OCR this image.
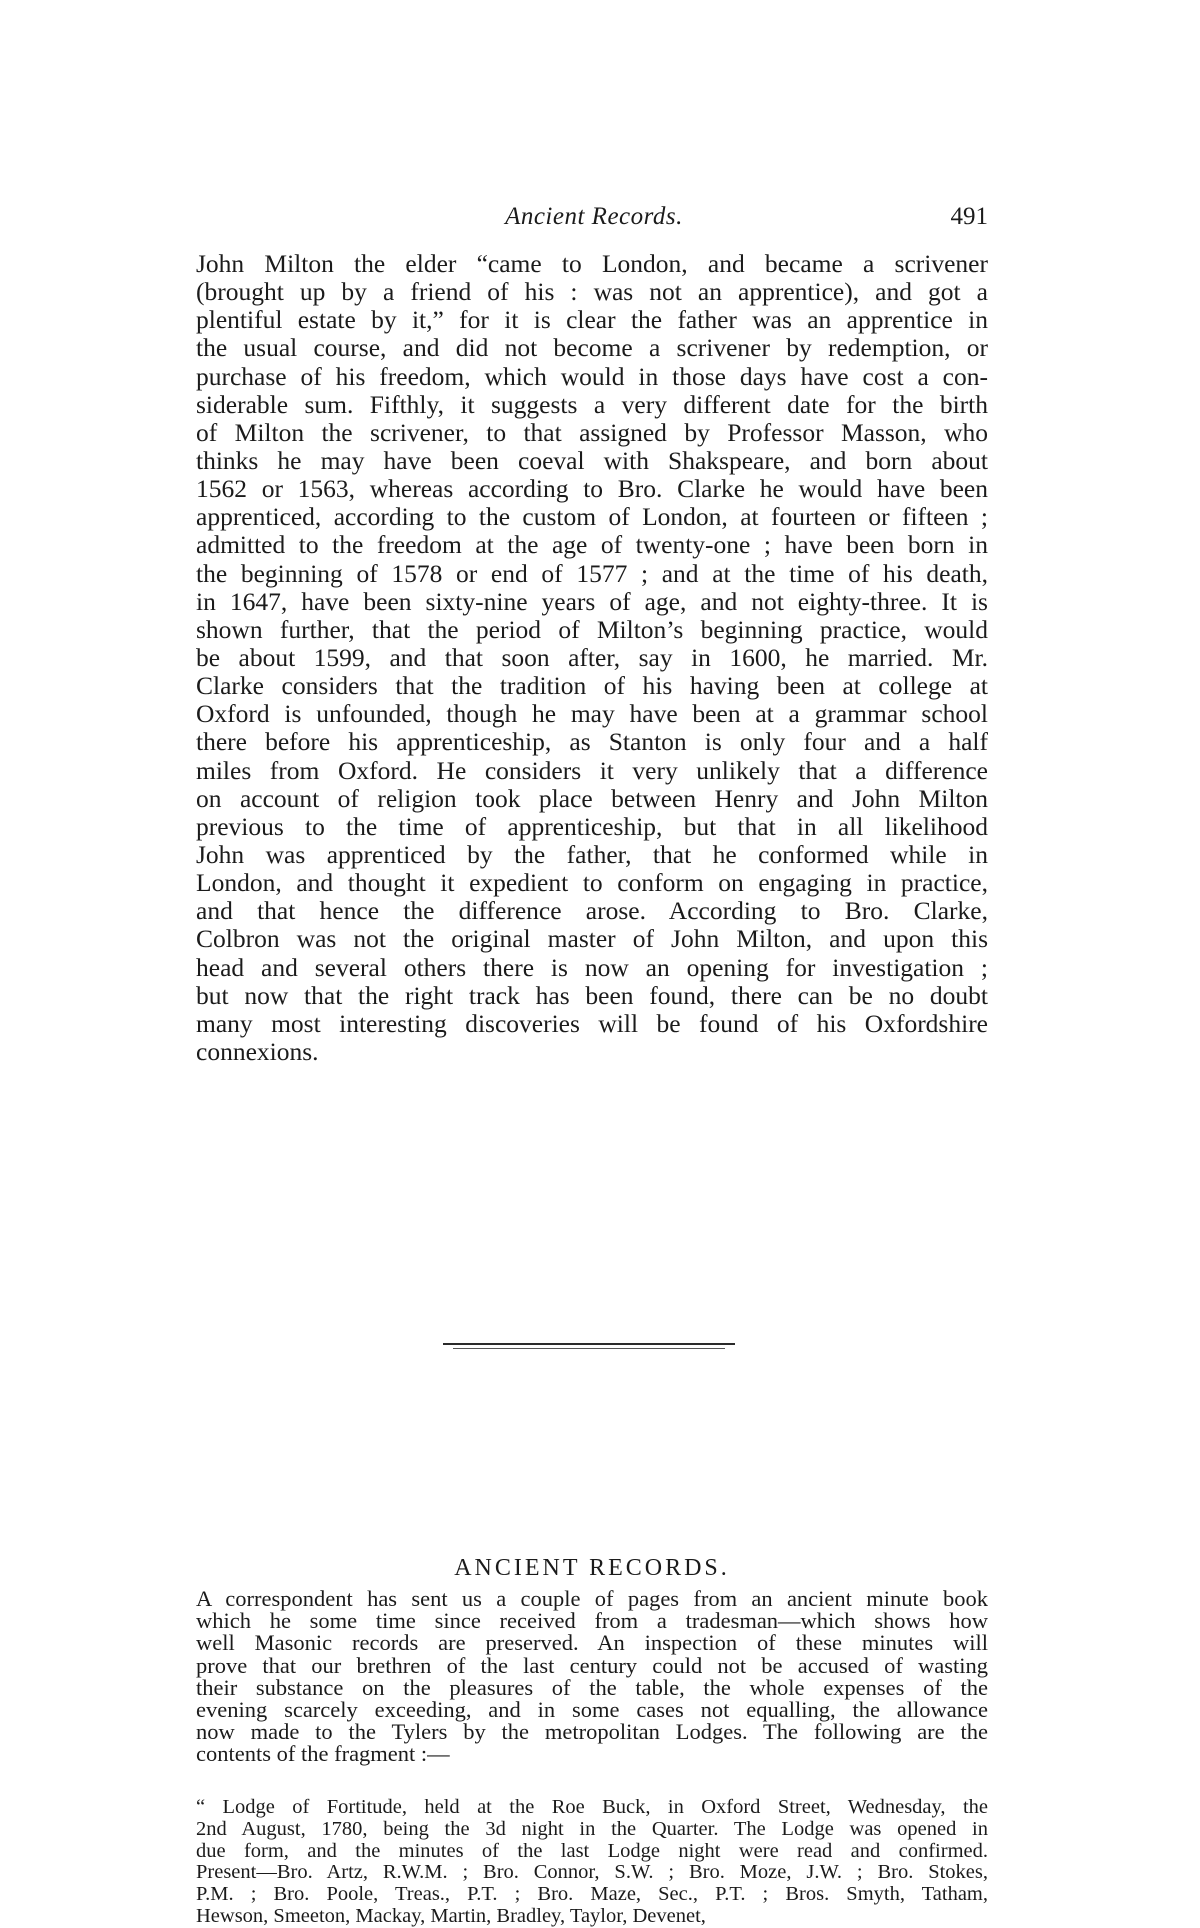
Ancient Records.	491
John Milton the elder “came to London, and became a scrivener
(brought up by a friend of his : was not an apprentice), and got a
plentiful estate by it,” for it is clear the father was an apprentice in
the usual course, and did not become a scrivener by redemption, or
purchase of his freedom, which would in those days have cost a con-
siderable sum. Fifthly, it suggests a very different date for the birth
of Milton the scrivener, to that assigned by Professor Masson, who
thinks he may have been coeval with Shakspeare, and born about
1562 or 1563, whereas according to Bro. Clarke he would have been
apprenticed, according to the custom of London, at fourteen or fifteen ;
admitted to the freedom at the age of twenty-one ; have been born in
the beginning of 1578 or end of 1577 ; and at the time of his death,
in 1647, have been sixty-nine years of age, and not eighty-three. It is
shown further, that the period of Milton’s beginning practice, would
be about 1599, and that soon after, say in 1600, he married. Mr.
Clarke considers that the tradition of his having been at college at
Oxford is unfounded, though he may have been at a grammar school
there before his apprenticeship, as Stanton is only four and a half
miles from Oxford. He considers it very unlikely that a difference
on account of religion took place between Henry and John Milton
previous to the time of apprenticeship, but that in all likelihood
John was apprenticed by the father, that he conformed while in
London, and thought it expedient to conform on engaging in practice,
and that hence the difference arose. According to Bro. Clarke,
Colbron was not the original master of John Milton, and upon this
head and several others there is now an opening for investigation ;
but now that the right track has been found, there can be no doubt
many most interesting discoveries will be found of his Oxfordshire
connexions.
ANCIENT RECORDS.
A correspondent has sent us a couple of pages from an ancient minute book
which he some time since received from a tradesman—which shows how
well Masonic records are preserved. An inspection of these minutes will
prove that our brethren of the last century could not be accused of wasting
their substance on the pleasures of the table, the whole expenses of the
evening scarcely exceeding, and in some cases not equalling, the allowance
now made to the Tylers by the metropolitan Lodges. The following are the
contents of the fragment :—
“ Lodge of Fortitude, held at the Roe Buck, in Oxford Street, Wednesday, the
2nd August, 1780, being the 3d night in the Quarter. The Lodge was opened in
due form, and the minutes of the last Lodge night were read and confirmed.
Present—Bro. Artz, R.W.M. ; Bro. Connor, S.W. ; Bro. Moze, J.W. ; Bro. Stokes,
P.M. ; Bro. Poole, Treas., P.T. ; Bro. Maze, Sec., P.T. ; Bros. Smyth, Tatham,
Hewson, Smeeton, Mackay, Martin, Bradley, Taylor, Devenet,
